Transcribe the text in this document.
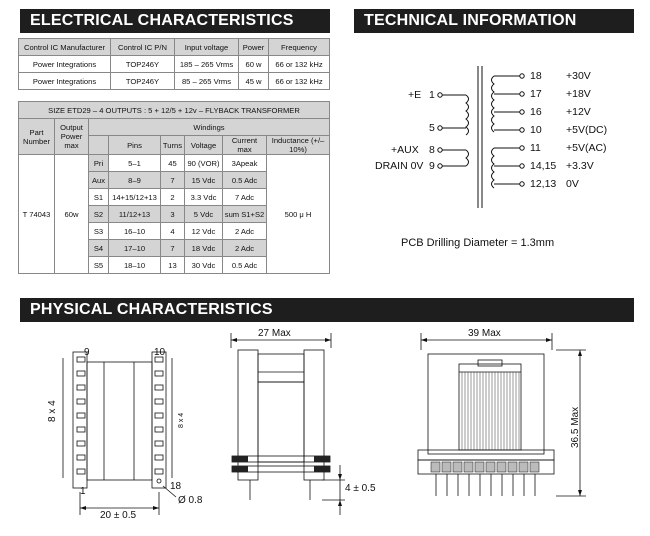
ELECTRICAL CHARACTERISTICS	TECHNICAL INFORMATION
PHYSICAL CHARACTERISTICS
Control IC Manufacturer	Control IC P/N	Input voltage	Power	Frequency
Power Integrations	TOP246Y	185 – 265 Vrms	60 w	66 or 132 kHz
Power Integrations	TOP246Y	85 – 265 Vrms	45 w	66 or 132 kHz
SIZE ETD29 – 4 OUTPUTS : 5 + 12/5 + 12v – FLYBACK TRANSFORMER							
Part Number	Output Power max	Windings					
			Pins	Turns	Voltage	Current max	Inductance (+/–10%)
T 74043	60w	Pri	5–1	45	90 (VOR)	3Apeak	500 μ H
		Aux	8–9	7	15 Vdc	0.5 Adc	
		S1	14+15/12+13	2	3.3 Vdc	7 Adc	
		S2	11/12+13	3	5 Vdc	sum S1+S2	
		S3	16–10	4	12 Vdc	2 Adc	
		S4	17–10	7	18 Vdc	2 Adc	
		S5	18–10	13	30 Vdc	0.5 Adc	
+E 1
5
+AUX 8
DRAIN 0V 9
18 +30V
17 +18V
16 +12V
10 +5V(DC)
11 +5V(AC)
14,15 +3.3V
12,13 0V
PCB Drilling Diameter = 1.3mm
9	10
1	18
8 x 4	8 x 4
20 ± 0.5
Ø 0.8
27 Max
4 ± 0.5
39 Max
36.5 Max
